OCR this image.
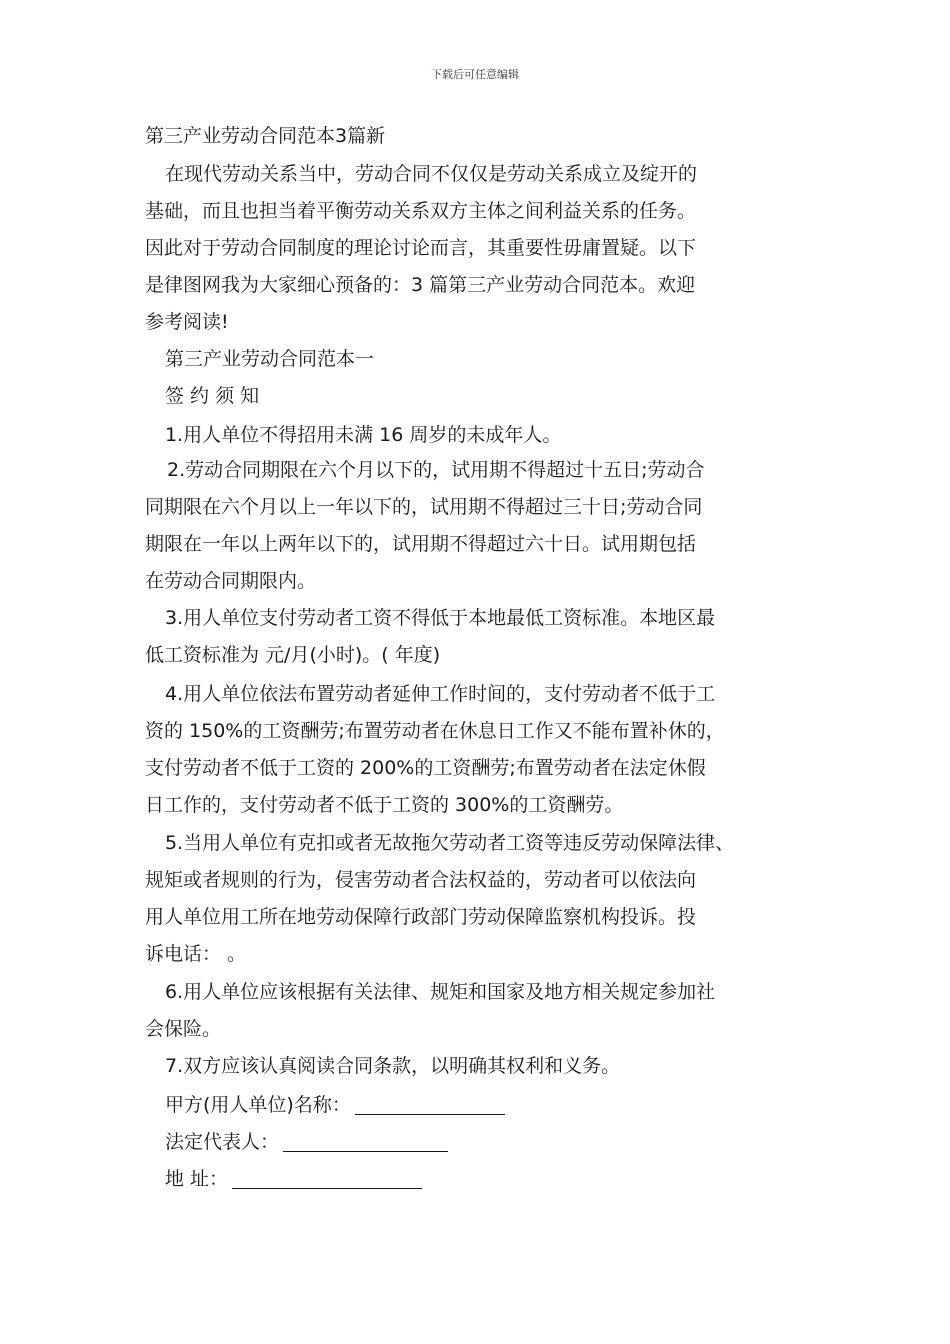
下载后可任意编辑
第三产业劳动合同范本3篇新
在现代劳动关系当中，劳动合同不仅仅是劳动关系成立及绽开的
基础，而且也担当着平衡劳动关系双方主体之间利益关系的任务。
因此对于劳动合同制度的理论讨论而言，其重要性毋庸置疑。以下
是律图网我为大家细心预备的：3 篇第三产业劳动合同范本。欢迎
参考阅读!
第三产业劳动合同范本一
签 约 须 知
1.用人单位不得招用未满 16 周岁的未成年人。
2.劳动合同期限在六个月以下的，试用期不得超过十五日;劳动合
同期限在六个月以上一年以下的，试用期不得超过三十日;劳动合同
期限在一年以上两年以下的，试用期不得超过六十日。试用期包括
在劳动合同期限内。
3.用人单位支付劳动者工资不得低于本地最低工资标准。本地区最
低工资标准为 元/月(小时)。( 年度)
4.用人单位依法布置劳动者延伸工作时间的，支付劳动者不低于工
资的 150%的工资酬劳;布置劳动者在休息日工作又不能布置补休的，
支付劳动者不低于工资的 200%的工资酬劳;布置劳动者在法定休假
日工作的，支付劳动者不低于工资的 300%的工资酬劳。
5.当用人单位有克扣或者无故拖欠劳动者工资等违反劳动保障法律、
规矩或者规则的行为，侵害劳动者合法权益的，劳动者可以依法向
用人单位用工所在地劳动保障行政部门劳动保障监察机构投诉。投
诉电话： 。
6.用人单位应该根据有关法律、规矩和国家及地方相关规定参加社
会保险。
7.双方应该认真阅读合同条款，以明确其权利和义务。
甲方(用人单位)名称：
法定代表人：
地 址：
